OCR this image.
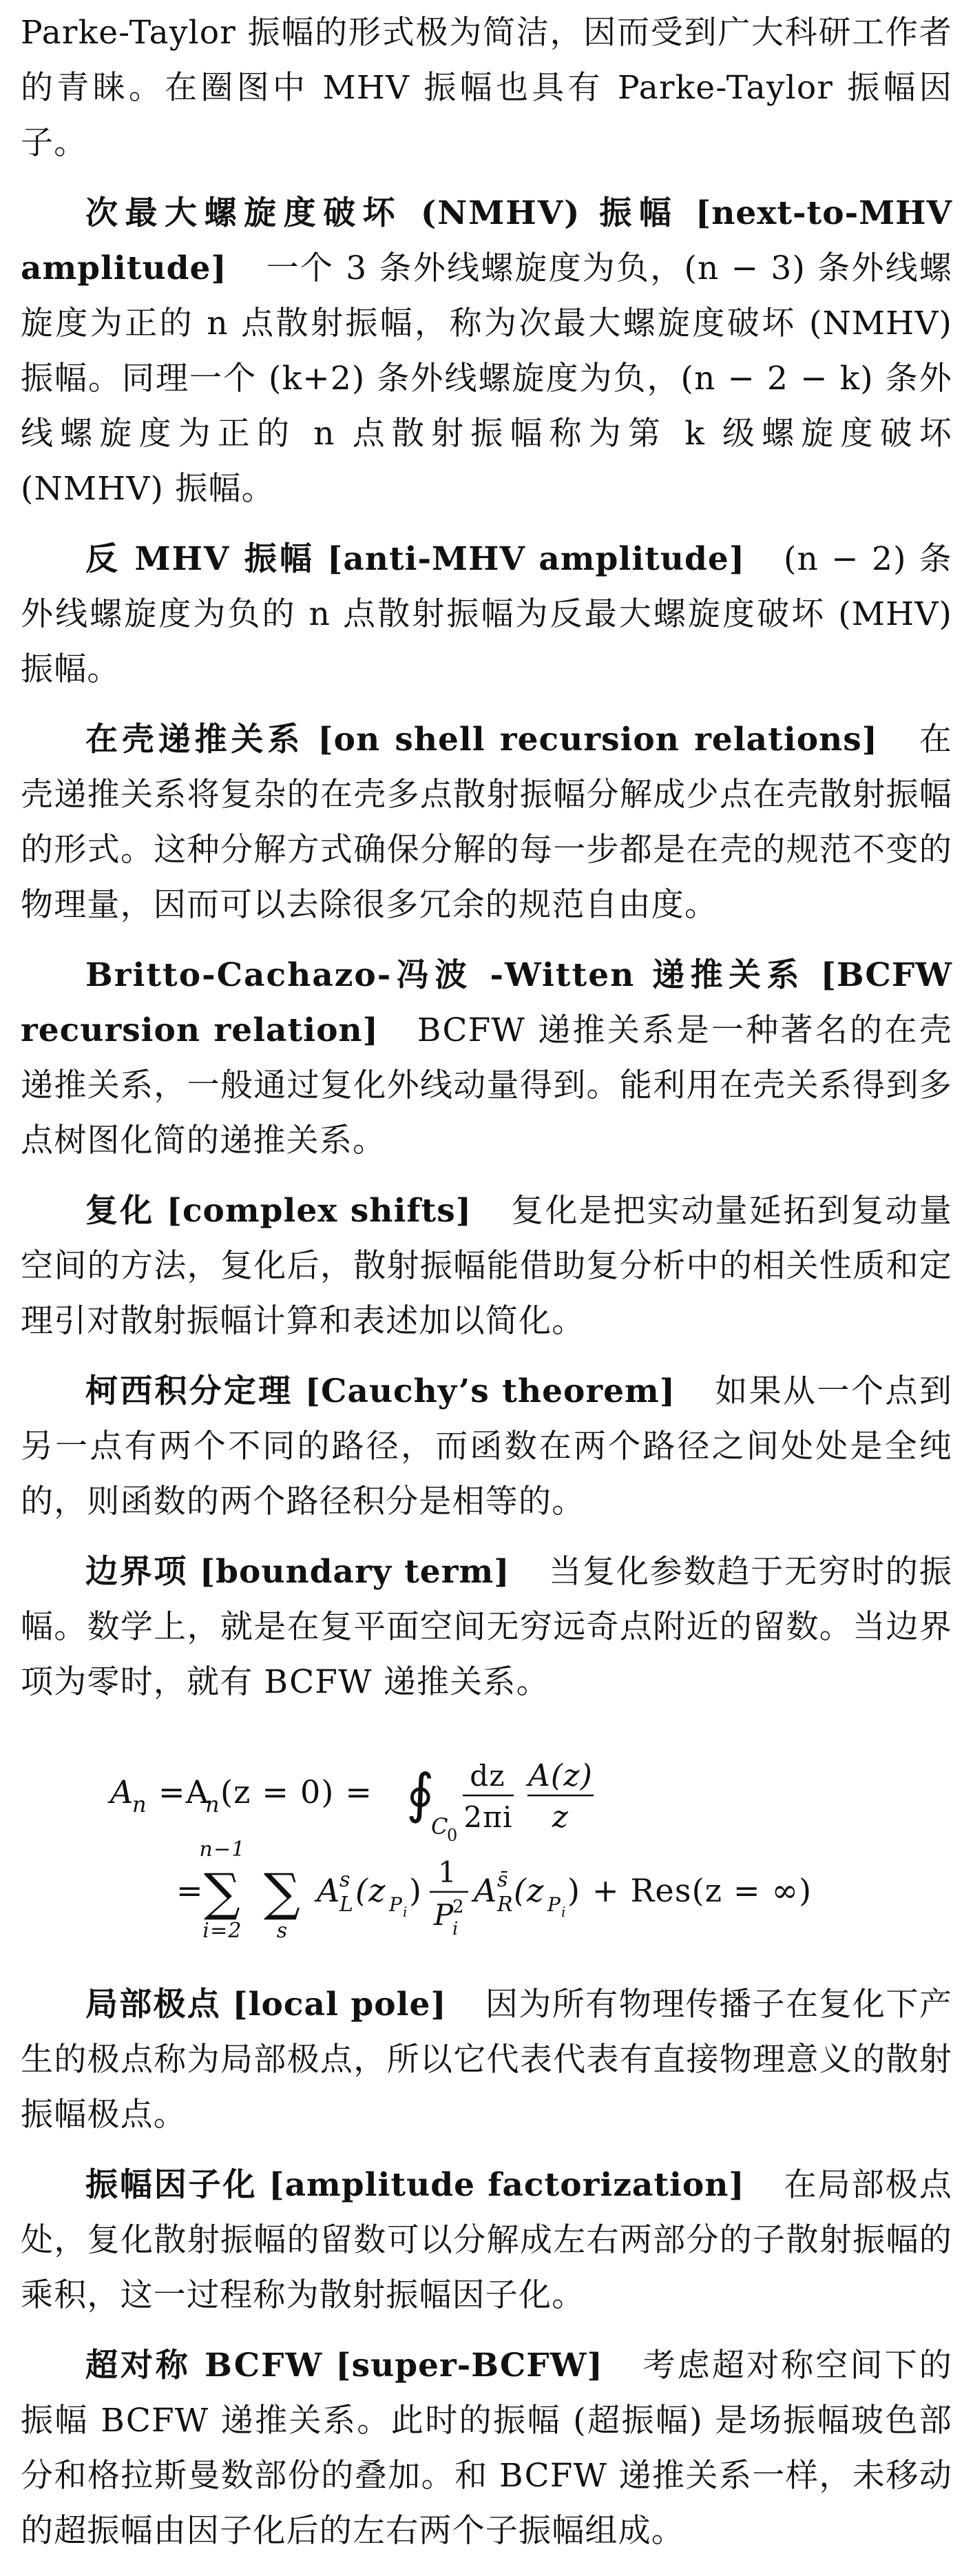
Parke-Taylor 振幅的形式极为简洁，因而受到广大科研工作者的青睐。在圈图中 MHV 振幅也具有 Parke-Taylor 振幅因子。

次最大螺旋度破坏 (NMHV) 振幅 [next-to-MHV amplitude] 一个 3 条外线螺旋度为负，(n − 3) 条外线螺旋度为正的 n 点散射振幅，称为次最大螺旋度破坏 (NMHV) 振幅。同理一个 (k+2) 条外线螺旋度为负，(n − 2 − k) 条外线螺旋度为正的 n 点散射振幅称为第 k 级螺旋度破坏 (NMHV) 振幅。

反 MHV 振幅 [anti-MHV amplitude] (n − 2) 条外线螺旋度为负的 n 点散射振幅为反最大螺旋度破坏 (MHV) 振幅。

在壳递推关系 [on shell recursion relations] 在壳递推关系将复杂的在壳多点散射振幅分解成少点在壳散射振幅的形式。这种分解方式确保分解的每一步都是在壳的规范不变的物理量，因而可以去除很多冗余的规范自由度。

Britto-Cachazo-冯波 -Witten 递推关系 [BCFW recursion relation] BCFW 递推关系是一种著名的在壳递推关系，一般通过复化外线动量得到。能利用在壳关系得到多点树图化简的递推关系。

复化 [complex shifts] 复化是把实动量延拓到复动量空间的方法，复化后，散射振幅能借助复分析中的相关性质和定理引对散射振幅计算和表述加以简化。

柯西积分定理 [Cauchy’s theorem] 如果从一个点到另一点有两个不同的路径，而函数在两个路径之间处处是全纯的，则函数的两个路径积分是相等的。

边界项 [boundary term] 当复化参数趋于无穷时的振幅。数学上，就是在复平面空间无穷远奇点附近的留数。当边界项为零时，就有 BCFW 递推关系。

A
n =A
n (z = 0) = ∮
C
0
dz
2πi
A(z)
z
=
n−1
∑
i=2
∑
s
A
s
L (z P i
) 1
P
2
i
A s̄
R (z P i
) + Res(z = ∞)

局部极点 [local pole] 因为所有物理传播子在复化下产生的极点称为局部极点，所以它代表代表有直接物理意义的散射振幅极点。

振幅因子化 [amplitude factorization] 在局部极点处，复化散射振幅的留数可以分解成左右两部分的子散射振幅的乘积，这一过程称为散射振幅因子化。

超对称 BCFW [super-BCFW] 考虑超对称空间下的振幅 BCFW 递推关系。此时的振幅 (超振幅) 是场振幅玻色部分和格拉斯曼数部份的叠加。和 BCFW 递推关系一样，未移动的超振幅由因子化后的左右两个子振幅组成。
